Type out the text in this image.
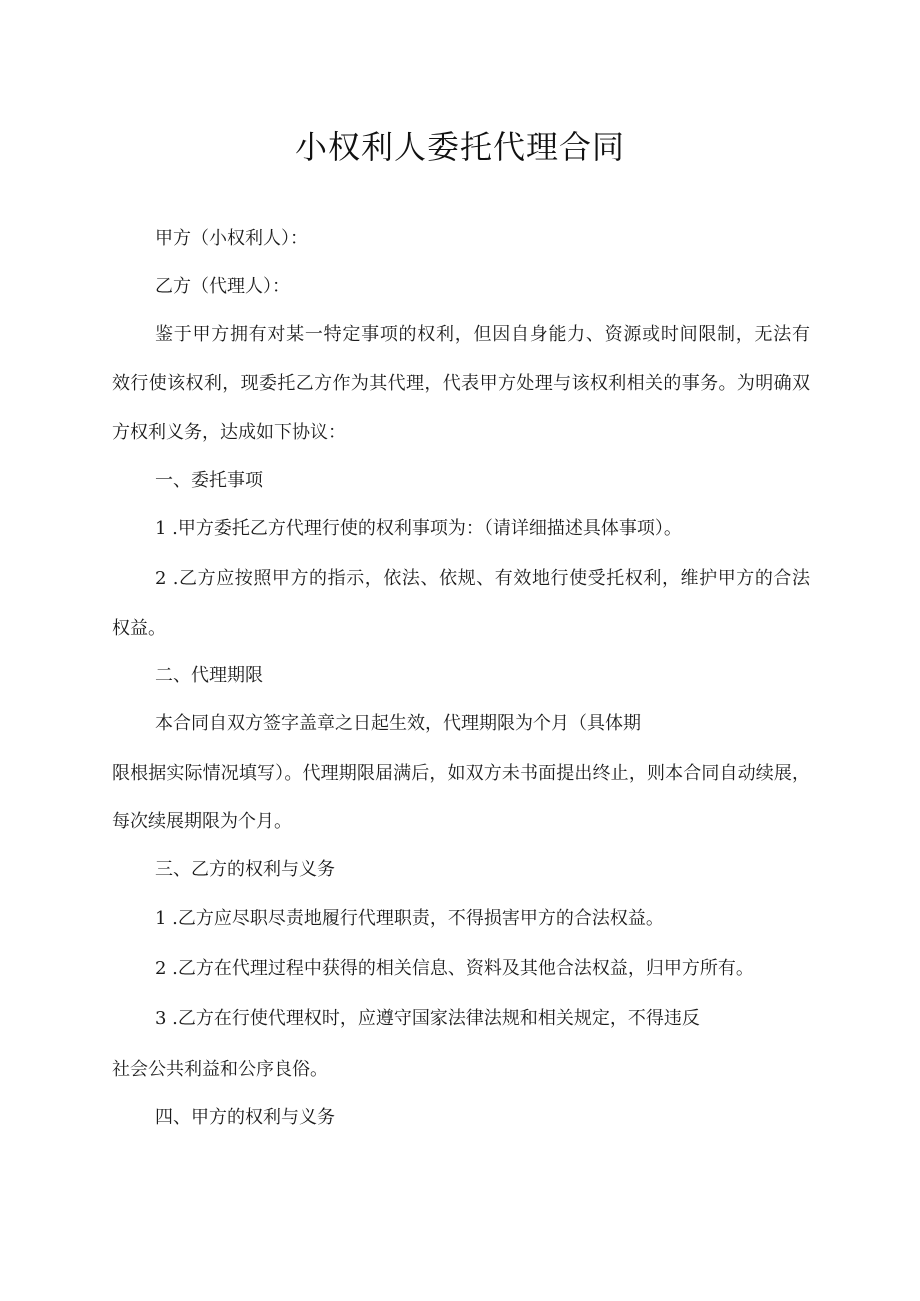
小权利人委托代理合同
甲方（小权利人）：
乙方（代理人）：
鉴于甲方拥有对某一特定事项的权利，但因自身能力、资源或时间限制，无法有
效行使该权利，现委托乙方作为其代理，代表甲方处理与该权利相关的事务。为明确双
方权利义务，达成如下协议：
一、委托事项
1 .甲方委托乙方代理行使的权利事项为：（请详细描述具体事项）。
2 .乙方应按照甲方的指示，依法、依规、有效地行使受托权利，维护甲方的合法
权益。
二、代理期限
本合同自双方签字盖章之日起生效，代理期限为个月（具体期
限根据实际情况填写）。代理期限届满后，如双方未书面提出终止，则本合同自动续展，
每次续展期限为个月。
三、乙方的权利与义务
1 .乙方应尽职尽责地履行代理职责，不得损害甲方的合法权益。
2 .乙方在代理过程中获得的相关信息、资料及其他合法权益，归甲方所有。
3 .乙方在行使代理权时，应遵守国家法律法规和相关规定，不得违反
社会公共利益和公序良俗。
四、甲方的权利与义务
